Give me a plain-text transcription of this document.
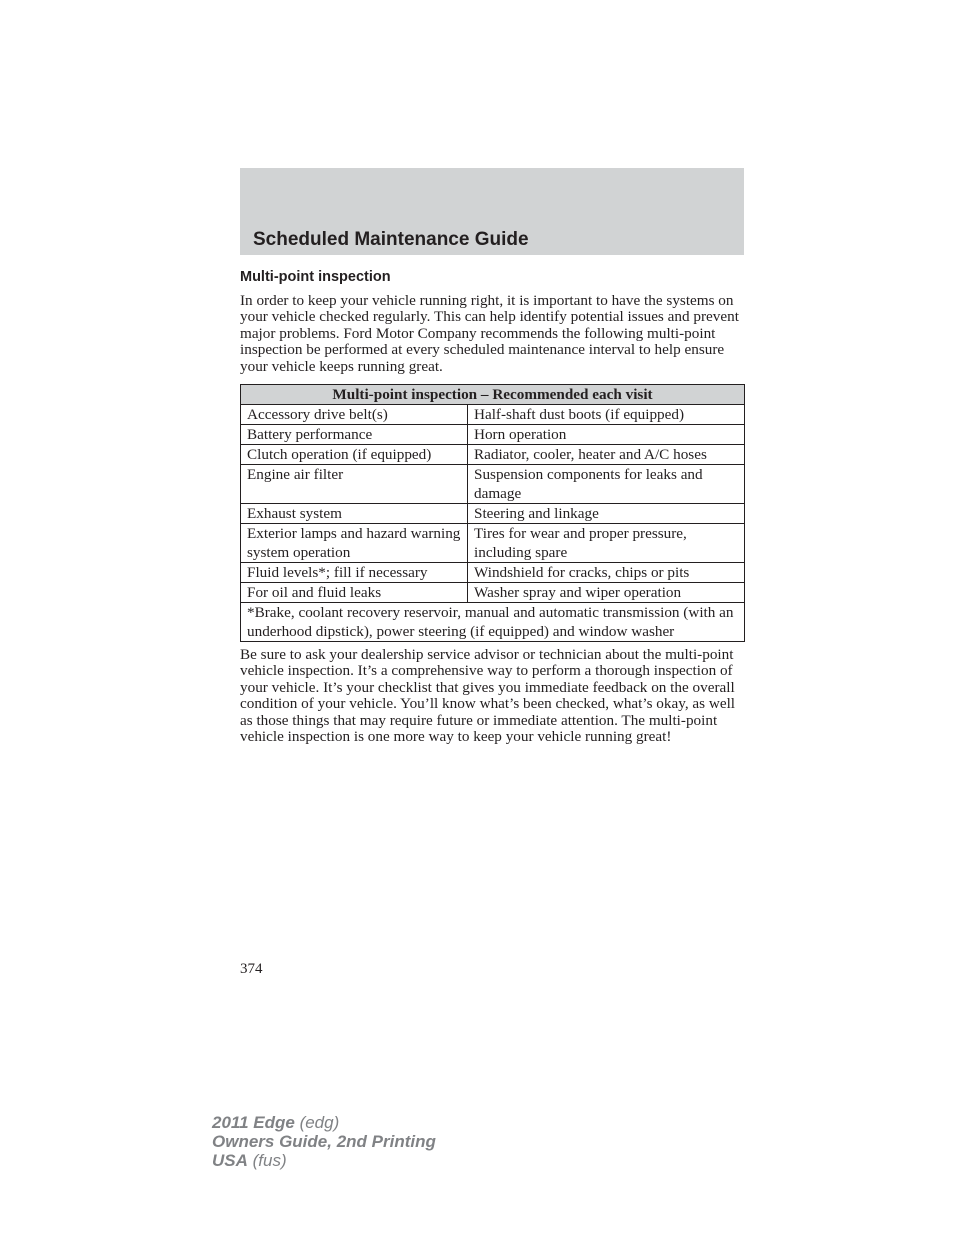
Scheduled Maintenance Guide
Multi-point inspection

In order to keep your vehicle running right, it is important to have the systems on your vehicle checked regularly. This can help identify potential issues and prevent major problems. Ford Motor Company recommends the following multi-point inspection be performed at every scheduled maintenance interval to help ensure your vehicle keeps running great.

Multi-point inspection – Recommended each visit	
Accessory drive belt(s)	Half-shaft dust boots (if equipped)
Battery performance	Horn operation
Clutch operation (if equipped)	Radiator, cooler, heater and A/C hoses
Engine air filter	Suspension components for leaks and damage
Exhaust system	Steering and linkage
Exterior lamps and hazard warning system operation	Tires for wear and proper pressure, including spare
Fluid levels*; fill if necessary	Windshield for cracks, chips or pits
For oil and fluid leaks	Washer spray and wiper operation
*Brake, coolant recovery reservoir, manual and automatic transmission (with an underhood dipstick), power steering (if equipped) and window washer	

Be sure to ask your dealership service advisor or technician about the multi-point vehicle inspection. It’s a comprehensive way to perform a thorough inspection of your vehicle. It’s your checklist that gives you immediate feedback on the overall condition of your vehicle. You’ll know what’s been checked, what’s okay, as well as those things that may require future or immediate attention. The multi-point vehicle inspection is one more way to keep your vehicle running great!

374

2011 Edge (edg)
Owners Guide, 2nd Printing
USA (fus)
